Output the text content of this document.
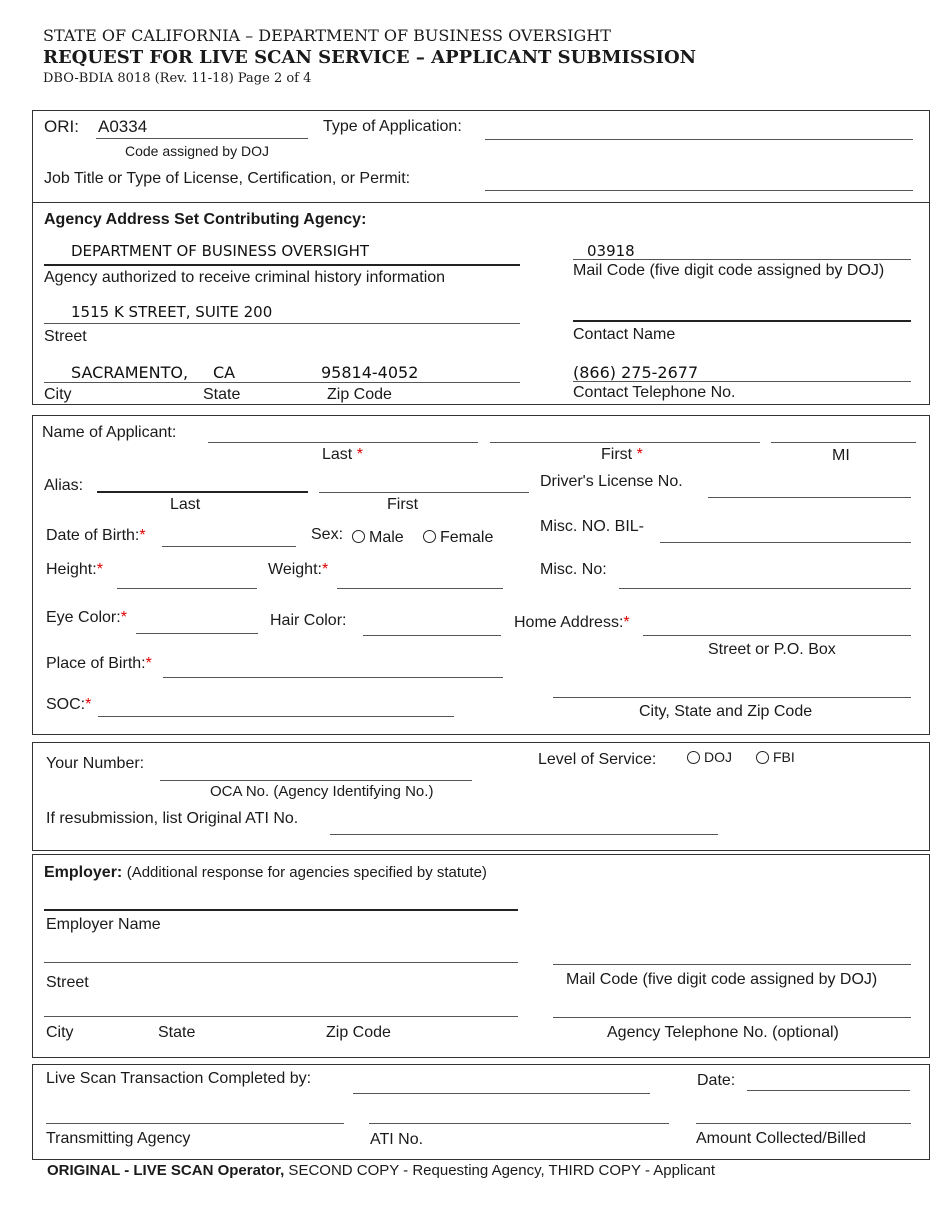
STATE OF CALIFORNIA – DEPARTMENT OF BUSINESS OVERSIGHT
REQUEST FOR LIVE SCAN SERVICE – APPLICANT SUBMISSION
DBO-BDIA 8018 (Rev. 11-18) Page 2 of 4
ORI: A0334
Code assigned by DOJ
Type of Application:
Job Title or Type of License, Certification, or Permit:
Agency Address Set Contributing Agency:
DEPARTMENT OF BUSINESS OVERSIGHT
Agency authorized to receive criminal history information
03918
Mail Code (five digit code assigned by DOJ)
1515 K STREET, SUITE 200
Street	Contact Name
SACRAMENTO, CA	95814-4052
City	State	Zip Code
(866) 275-2677
Contact Telephone No.
Name of Applicant:
Last *	First *	MI
Alias:
Last	First
Driver's License No.
Date of Birth:*	Sex:	Male	Female
Misc. NO. BIL-
Height:*	Weight:*	Misc. No:
Eye Color:*	Hair Color:	Home Address:*
Street or P.O. Box
Place of Birth:*
SOC:*	City, State and Zip Code
Your Number:
OCA No. (Agency Identifying No.)
Level of Service:	DOJ	FBI
If resubmission, list Original ATI No.
Employer: (Additional response for agencies specified by statute)
Employer Name
Street	Mail Code (five digit code assigned by DOJ)
City	State	Zip Code	Agency Telephone No. (optional)
Live Scan Transaction Completed by:	Date:
Transmitting Agency	ATI No.	Amount Collected/Billed
ORIGINAL - LIVE SCAN Operator, SECOND COPY - Requesting Agency, THIRD COPY - Applicant
